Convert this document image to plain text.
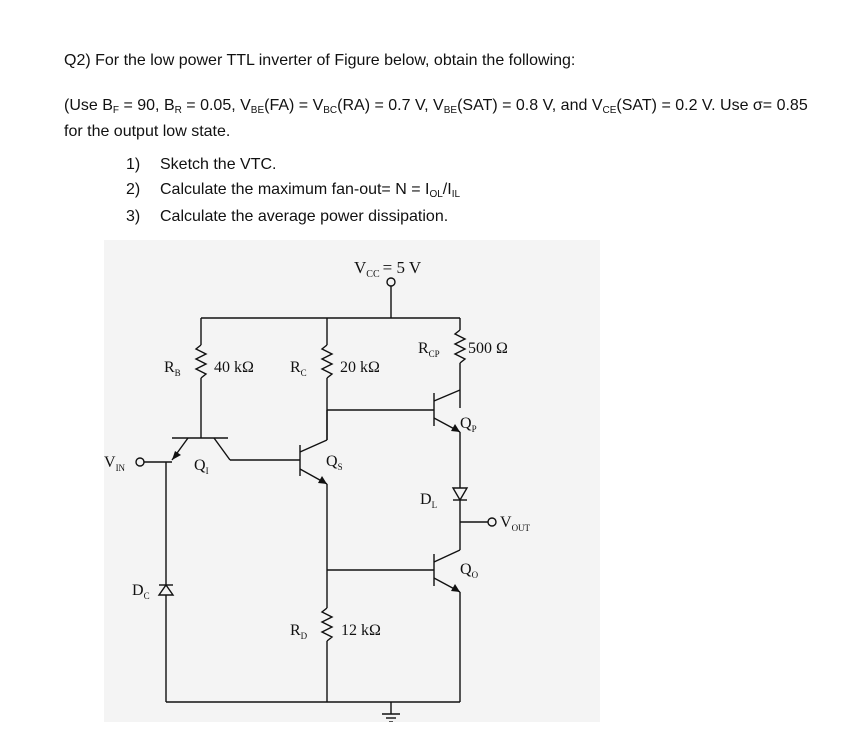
Q2) For the low power TTL inverter of Figure below, obtain the following:
(Use BF = 90, BR = 0.05, VBE(FA) = VBC(RA) = 0.7 V, VBE(SAT) = 0.8 V, and VCE(SAT) = 0.2 V. Use σ= 0.85
for the output low state.
1) Sketch the VTC.
2) Calculate the maximum fan-out= N = IOL/IIL
3) Calculate the average power dissipation.
$V_{CC} = 5$ V
$R_B$ 40 kΩ $R_C$ 20 kΩ
$R_{CP}$ 500 Ω
$R_D$ 12 kΩ
$Q_I$
$Q_S$
$Q_P$
$Q_O$
$D_L$
$D_C$
$V_{IN}$
$V_{OUT}$
